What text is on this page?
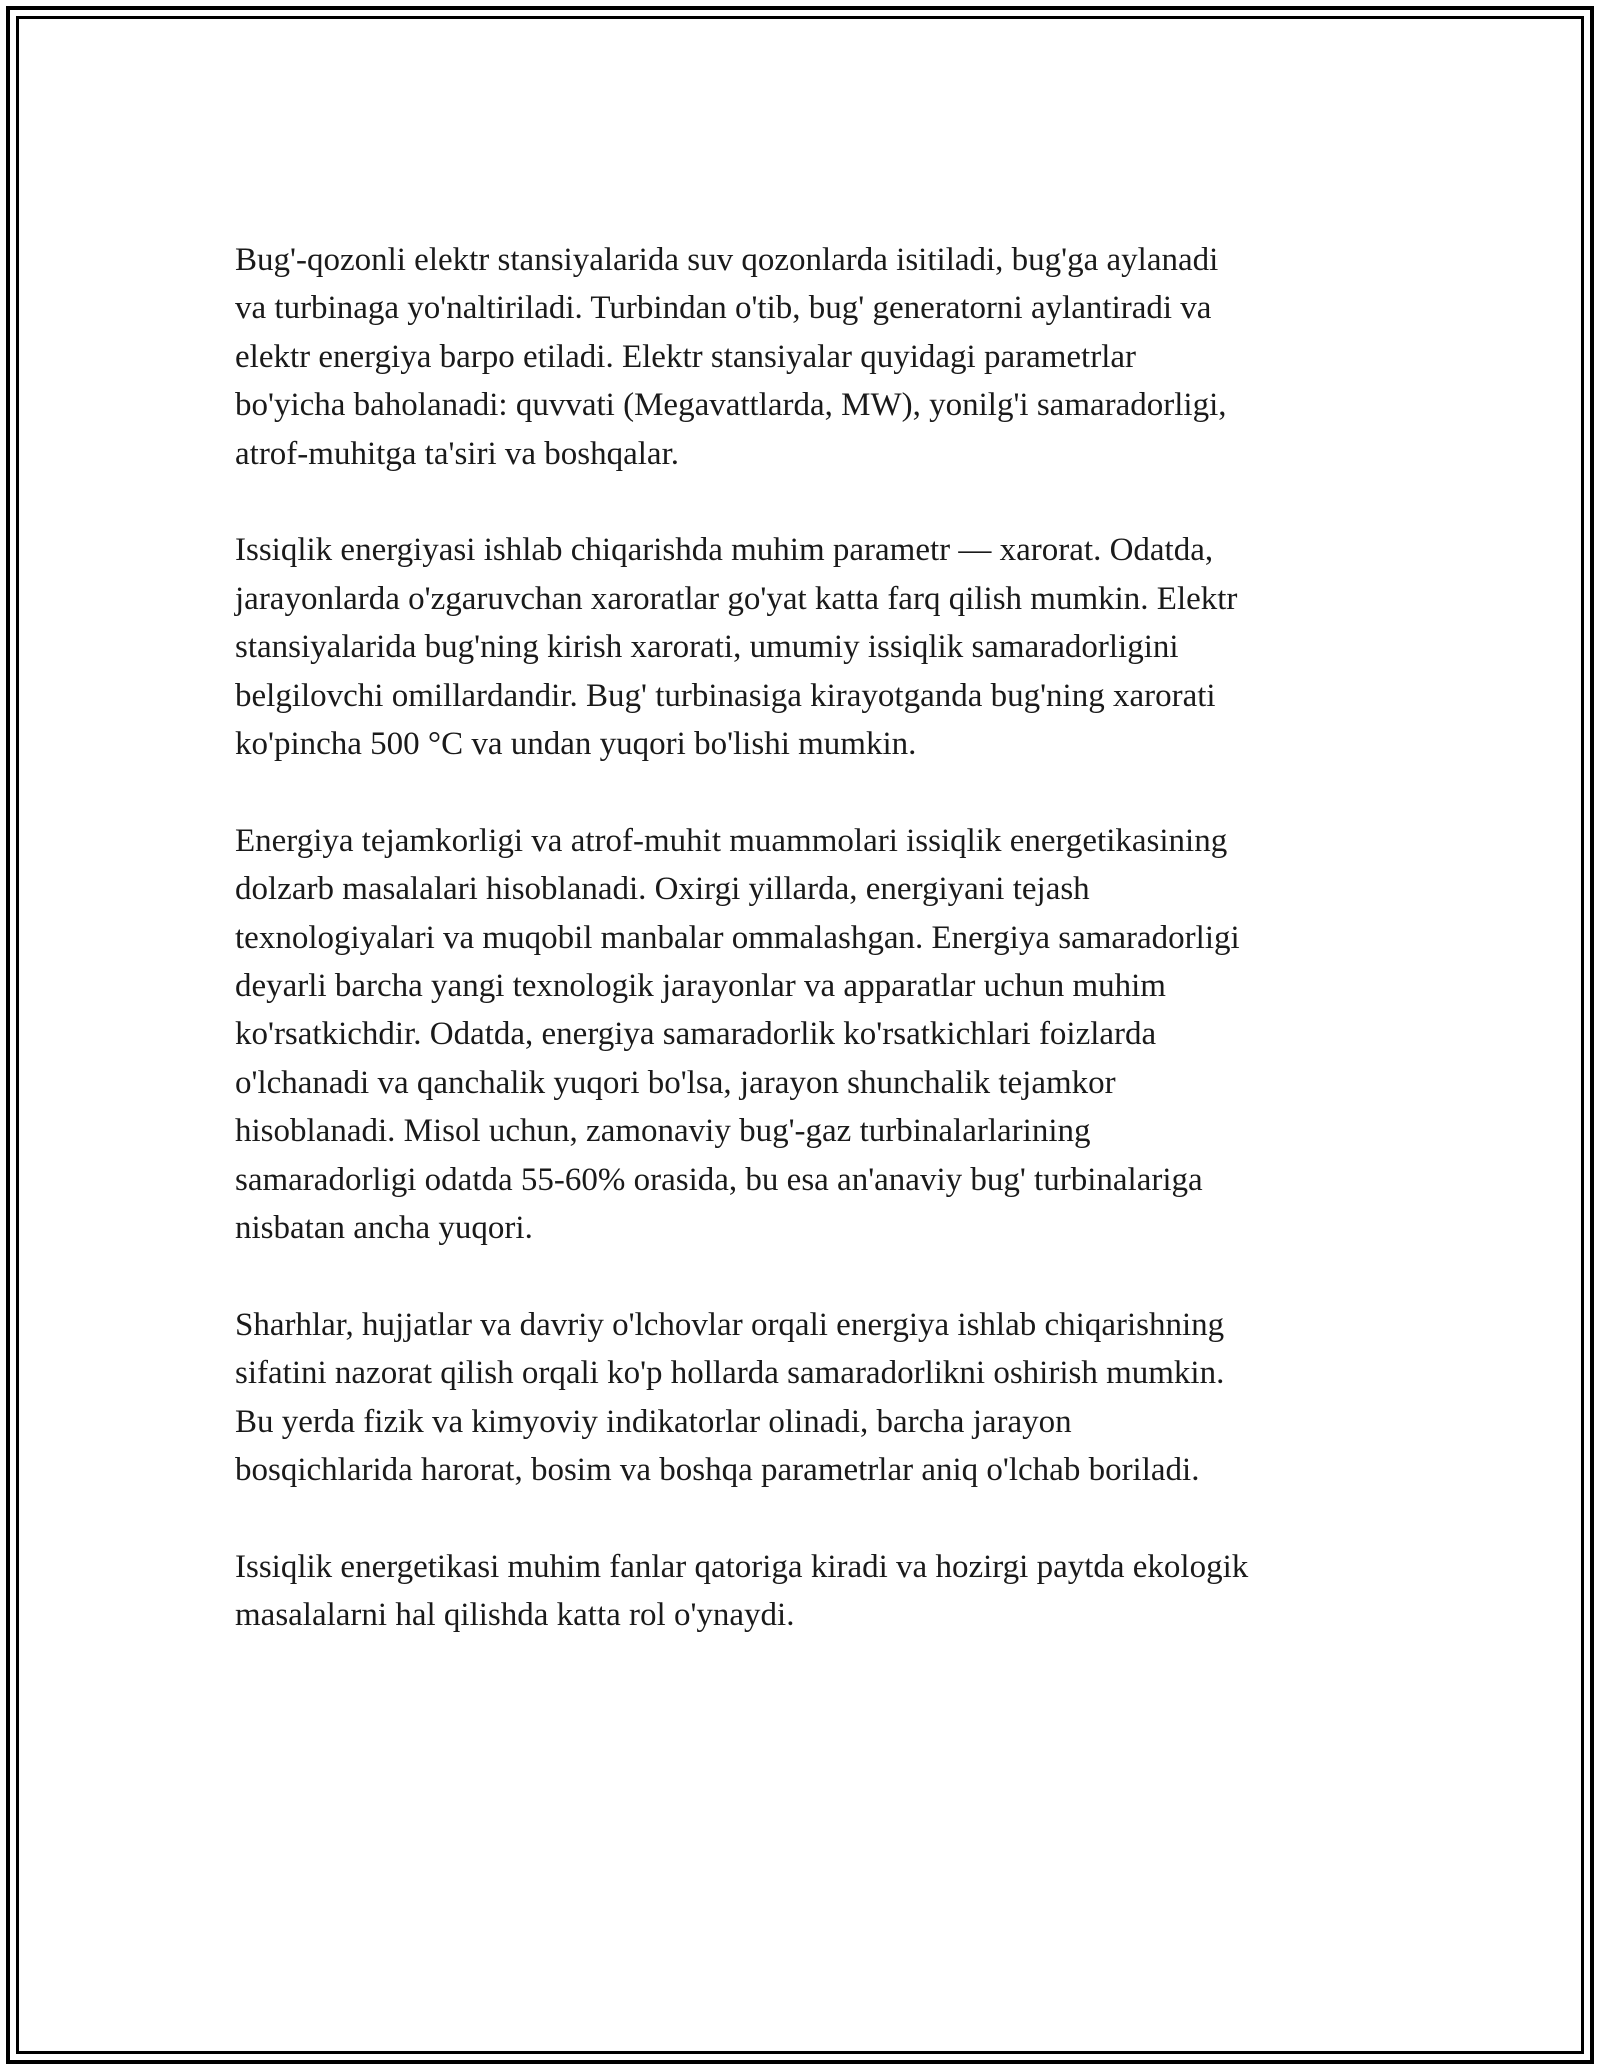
Bug'-qozonli elektr stansiyalarida suv qozonlarda isitiladi, bug'ga aylanadi
va turbinaga yo'naltiriladi. Turbindan o'tib, bug' generatorni aylantiradi va
elektr energiya barpo etiladi. Elektr stansiyalar quyidagi parametrlar
bo'yicha baholanadi: quvvati (Megavattlarda, MW), yonilg'i samaradorligi,
atrof-muhitga ta'siri va boshqalar.

Issiqlik energiyasi ishlab chiqarishda muhim parametr — xarorat. Odatda,
jarayonlarda o'zgaruvchan xaroratlar go'yat katta farq qilish mumkin. Elektr
stansiyalarida bug'ning kirish xarorati, umumiy issiqlik samaradorligini
belgilovchi omillardandir. Bug' turbinasiga kirayotganda bug'ning xarorati
ko'pincha 500 °C va undan yuqori bo'lishi mumkin.

Energiya tejamkorligi va atrof-muhit muammolari issiqlik energetikasining
dolzarb masalalari hisoblanadi. Oxirgi yillarda, energiyani tejash
texnologiyalari va muqobil manbalar ommalashgan. Energiya samaradorligi
deyarli barcha yangi texnologik jarayonlar va apparatlar uchun muhim
ko'rsatkichdir. Odatda, energiya samaradorlik ko'rsatkichlari foizlarda
o'lchanadi va qanchalik yuqori bo'lsa, jarayon shunchalik tejamkor
hisoblanadi. Misol uchun, zamonaviy bug'-gaz turbinalarlarining
samaradorligi odatda 55-60% orasida, bu esa an'anaviy bug' turbinalariga
nisbatan ancha yuqori.

Sharhlar, hujjatlar va davriy o'lchovlar orqali energiya ishlab chiqarishning
sifatini nazorat qilish orqali ko'p hollarda samaradorlikni oshirish mumkin.
Bu yerda fizik va kimyoviy indikatorlar olinadi, barcha jarayon
bosqichlarida harorat, bosim va boshqa parametrlar aniq o'lchab boriladi.

Issiqlik energetikasi muhim fanlar qatoriga kiradi va hozirgi paytda ekologik
masalalarni hal qilishda katta rol o'ynaydi.
